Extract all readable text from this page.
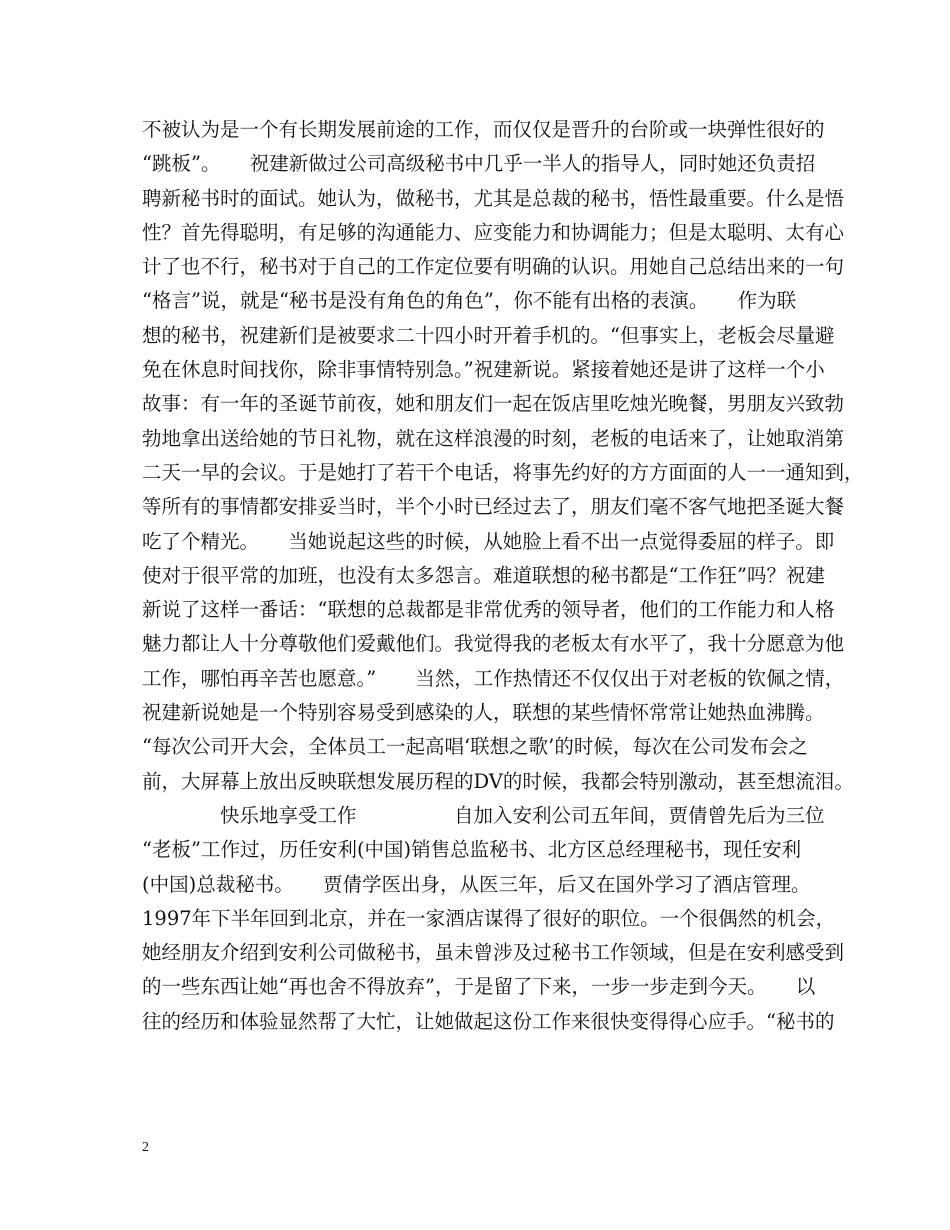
不被认为是一个有长期发展前途的工作，而仅仅是晋升的台阶或一块弹性很好的
“跳板”。　　祝建新做过公司高级秘书中几乎一半人的指导人，同时她还负责招
聘新秘书时的面试。她认为，做秘书，尤其是总裁的秘书，悟性最重要。什么是悟
性？首先得聪明，有足够的沟通能力、应变能力和协调能力；但是太聪明、太有心
计了也不行，秘书对于自己的工作定位要有明确的认识。用她自己总结出来的一句
“格言”说，就是“秘书是没有角色的角色”，你不能有出格的表演。　　作为联
想的秘书，祝建新们是被要求二十四小时开着手机的。“但事实上，老板会尽量避
免在休息时间找你，除非事情特别急。”祝建新说。紧接着她还是讲了这样一个小
故事：有一年的圣诞节前夜，她和朋友们一起在饭店里吃烛光晚餐，男朋友兴致勃
勃地拿出送给她的节日礼物，就在这样浪漫的时刻，老板的电话来了，让她取消第
二天一早的会议。于是她打了若干个电话，将事先约好的方方面面的人一一通知到，
等所有的事情都安排妥当时，半个小时已经过去了，朋友们毫不客气地把圣诞大餐
吃了个精光。　　当她说起这些的时候，从她脸上看不出一点觉得委屈的样子。即
使对于很平常的加班，也没有太多怨言。难道联想的秘书都是“工作狂”吗？祝建
新说了这样一番话：“联想的总裁都是非常优秀的领导者，他们的工作能力和人格
魅力都让人十分尊敬他们爱戴他们。我觉得我的老板太有水平了，我十分愿意为他
工作，哪怕再辛苦也愿意。”　　当然，工作热情还不仅仅出于对老板的钦佩之情，
祝建新说她是一个特别容易受到感染的人，联想的某些情怀常常让她热血沸腾。
“每次公司开大会，全体员工一起高唱‘联想之歌’的时候，每次在公司发布会之
前，大屏幕上放出反映联想发展历程的DV的时候，我都会特别激动，甚至想流泪。
　　　　快乐地享受工作　　　　　自加入安利公司五年间，贾倩曾先后为三位
“老板”工作过，历任安利(中国)销售总监秘书、北方区总经理秘书，现任安利
(中国)总裁秘书。　　贾倩学医出身，从医三年，后又在国外学习了酒店管理。
1997年下半年回到北京，并在一家酒店谋得了很好的职位。一个很偶然的机会，
她经朋友介绍到安利公司做秘书，虽未曾涉及过秘书工作领域，但是在安利感受到
的一些东西让她“再也舍不得放弃”，于是留了下来，一步一步走到今天。　　以
往的经历和体验显然帮了大忙，让她做起这份工作来很快变得得心应手。“秘书的
2
